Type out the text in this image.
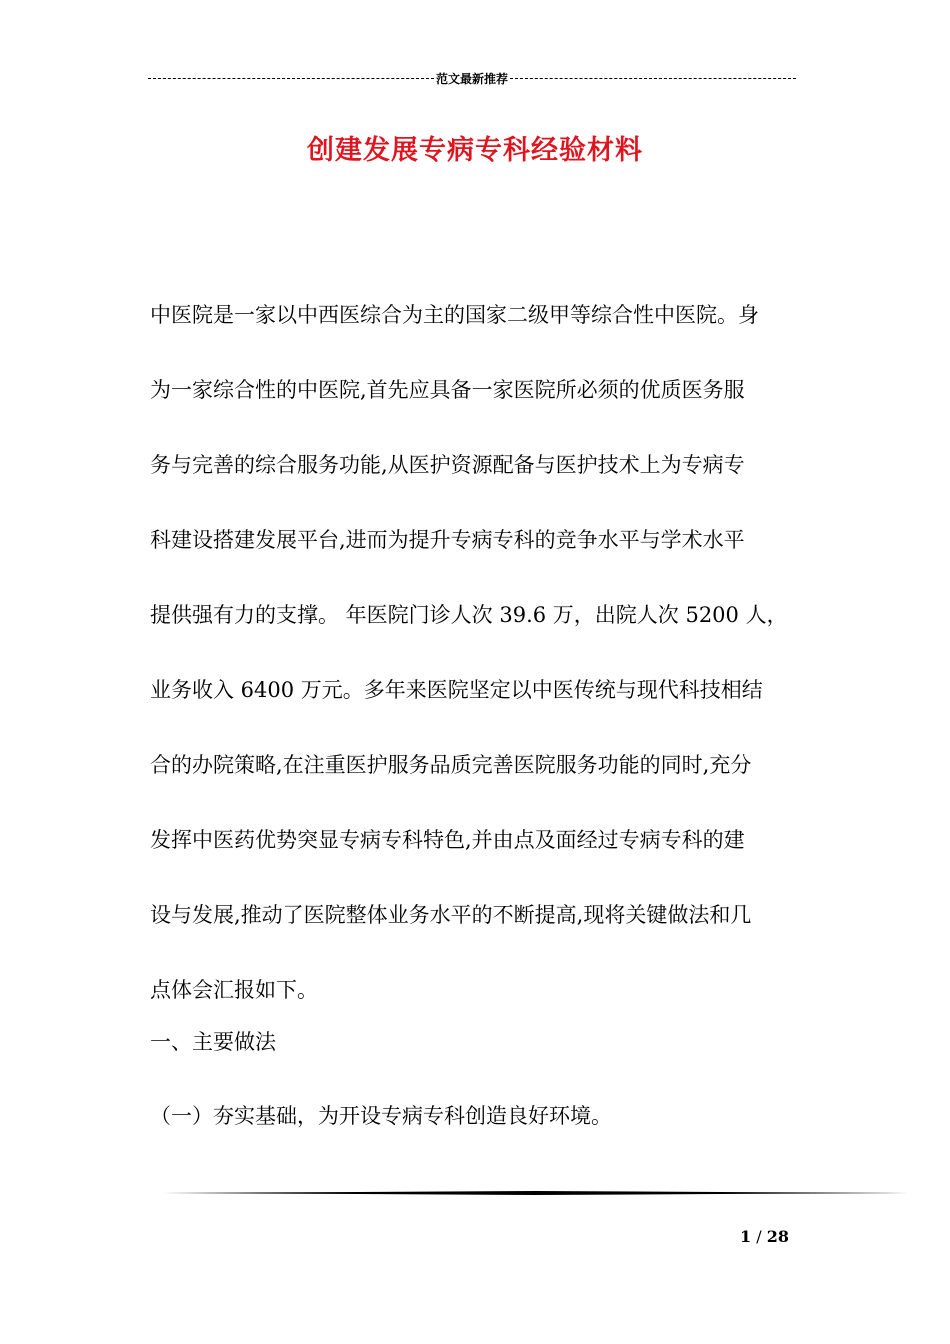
范文最新推荐
创建发展专病专科经验材料
中医院是一家以中西医综合为主的国家二级甲等综合性中医院。身
为一家综合性的中医院,首先应具备一家医院所必须的优质医务服
务与完善的综合服务功能,从医护资源配备与医护技术上为专病专
科建设搭建发展平台,进而为提升专病专科的竞争水平与学术水平
提供强有力的支撑。 年医院门诊人次 39.6 万，出院人次 5200 人，
业务收入 6400 万元。多年来医院坚定以中医传统与现代科技相结
合的办院策略,在注重医护服务品质完善医院服务功能的同时,充分
发挥中医药优势突显专病专科特色,并由点及面经过专病专科的建
设与发展,推动了医院整体业务水平的不断提高,现将关键做法和几
点体会汇报如下。
一、主要做法
（一）夯实基础，为开设专病专科创造良好环境。
1 / 28
